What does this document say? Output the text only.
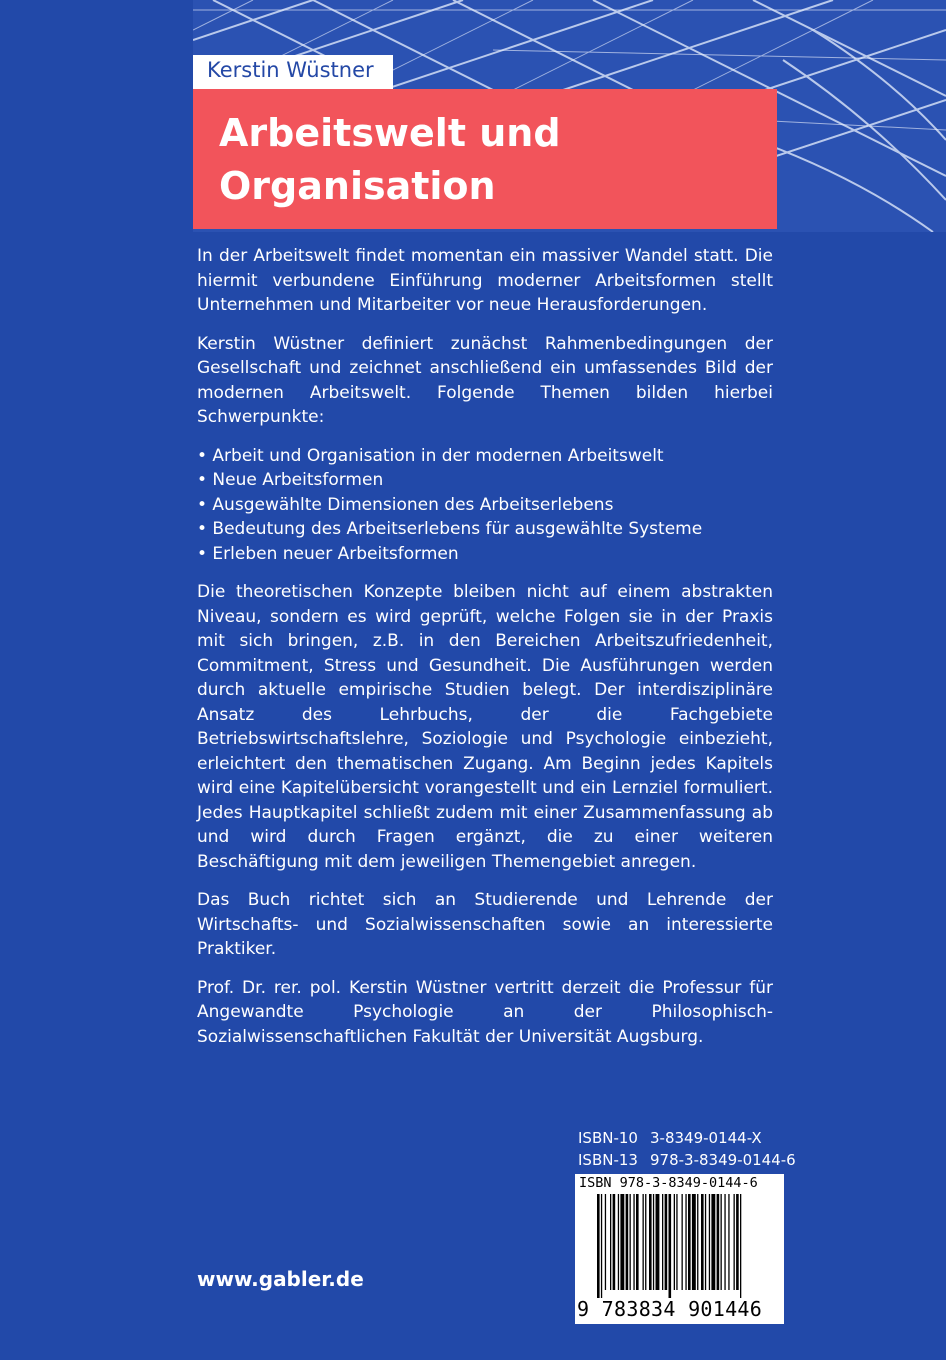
Kerstin Wüstner
Arbeitswelt und
Organisation

In der Arbeitswelt findet momentan ein massiver Wandel statt. Die hiermit verbundene Einführung moderner Arbeitsformen stellt Unternehmen und Mitarbeiter vor neue Herausforderungen.

Kerstin Wüstner definiert zunächst Rahmenbedingungen der Gesellschaft und zeichnet anschließend ein umfassendes Bild der modernen Arbeitswelt. Folgende Themen bilden hierbei Schwerpunkte:

• Arbeit und Organisation in der modernen Arbeitswelt
• Neue Arbeitsformen
• Ausgewählte Dimensionen des Arbeitserlebens
• Bedeutung des Arbeitserlebens für ausgewählte Systeme
• Erleben neuer Arbeitsformen

Die theoretischen Konzepte bleiben nicht auf einem abstrakten Niveau, sondern es wird geprüft, welche Folgen sie in der Praxis mit sich bringen, z.B. in den Bereichen Arbeitszufriedenheit, Commitment, Stress und Gesundheit. Die Ausführungen werden durch aktuelle empirische Studien belegt. Der interdisziplinäre Ansatz des Lehrbuchs, der die Fachgebiete Betriebswirtschaftslehre, Soziologie und Psychologie einbezieht, erleichtert den thematischen Zugang. Am Beginn jedes Kapitels wird eine Kapitelübersicht vorangestellt und ein Lernziel formuliert. Jedes Hauptkapitel schließt zudem mit einer Zusammenfassung ab und wird durch Fragen ergänzt, die zu einer weiteren Beschäftigung mit dem jeweiligen Themengebiet anregen.

Das Buch richtet sich an Studierende und Lehrende der Wirtschafts- und Sozialwissenschaften sowie an interessierte Praktiker.

Prof. Dr. rer. pol. Kerstin Wüstner vertritt derzeit die Professur für Angewandte Psychologie an der Philosophisch-Sozialwissenschaftlichen Fakultät der Universität Augsburg.

ISBN-10 3-8349-0144-X
ISBN-13 978-3-8349-0144-6
ISBN 978-3-8349-0144-6
9 783834 901446
www.gabler.de
